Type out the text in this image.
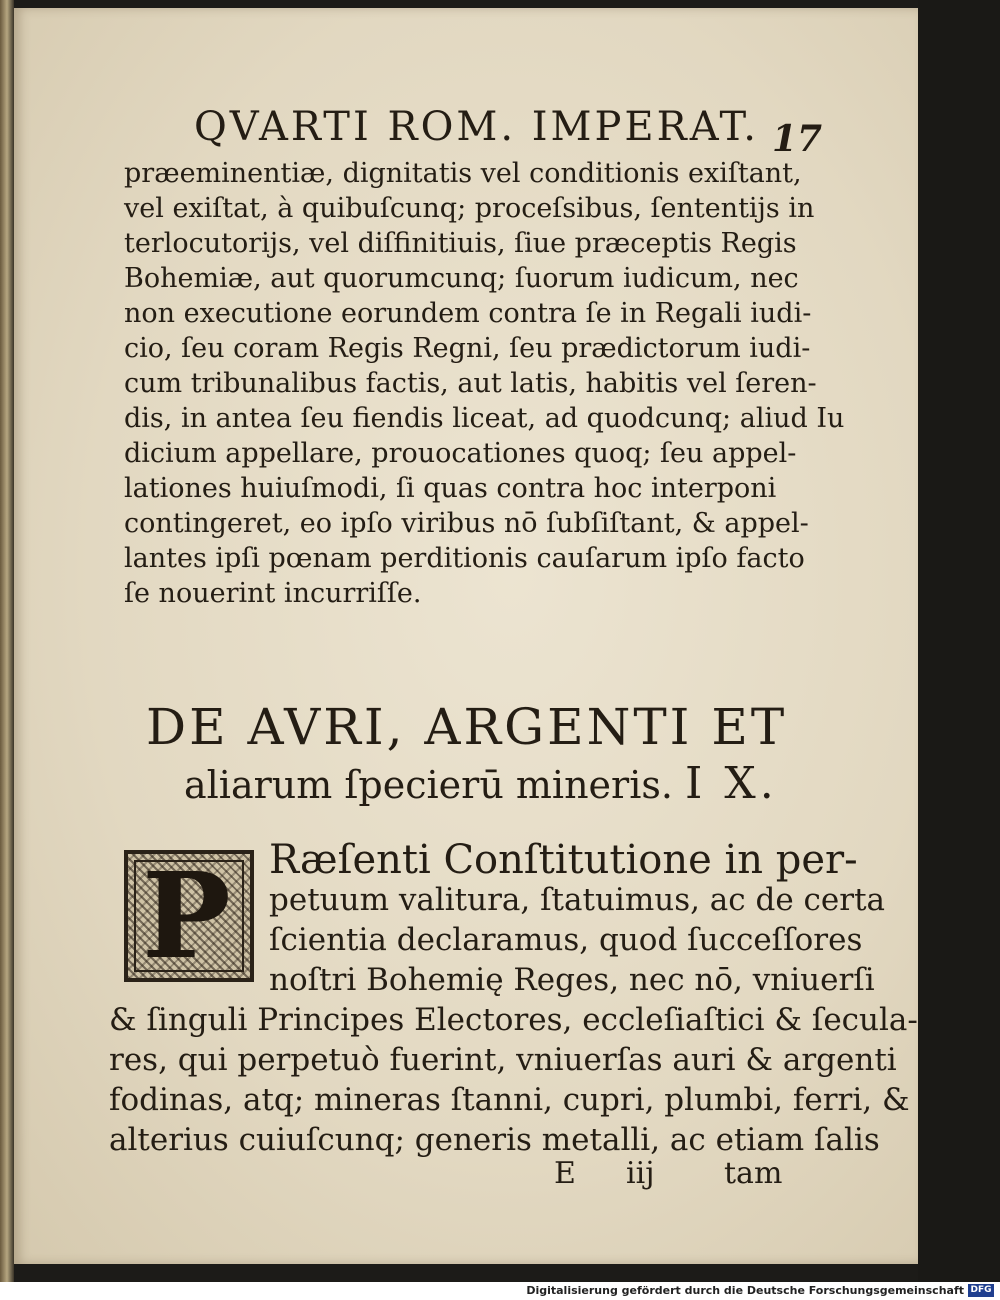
QVARTI ROM. IMPERAT. 17
præeminentiæ, dignitatis vel conditionis exiſtant,
vel exiſtat, à quibuſcunq; proceſsibus, ſententijs in
terlocutorijs, vel diſfinitiuis, ſiue præceptis Regis
Bohemiæ, aut quorumcunq; ſuorum iudicum, nec
non executione eorundem contra ſe in Regali iudi-
cio, ſeu coram Regis Regni, ſeu prædictorum iudi-
cum tribunalibus factis, aut latis, habitis vel ſeren-
dis, in antea ſeu fiendis liceat, ad quodcunq; aliud Iu
dicium appellare, prouocationes quoq; ſeu appel-
lationes huiuſmodi, ſi quas contra hoc interponi
contingeret, eo ipſo viribus nō ſubſiſtant, & appel-
lantes ipſi pœnam perditionis cauſarum ipſo facto
ſe nouerint incurriſſe.
DE AVRI, ARGENTI ET
aliarum ſpecierū mineris. I X.
P Ræſenti Conſtitutione in per-
petuum valitura, ſtatuimus, ac de certa
ſcientia declaramus, quod ſucceſſores
noſtri Bohemię Reges, nec nō, vniuerſi
& ſinguli Principes Electores, eccleſiaſtici & ſecula-
res, qui perpetuò fuerint, vniuerſas auri & argenti
fodinas, atq; mineras ſtanni, cupri, plumbi, ferri, &
alterius cuiuſcunq; generis metalli, ac etiam ſalis
E iij tam
Digitalisierung gefördert durch die Deutsche Forschungsgemeinschaft DFG
